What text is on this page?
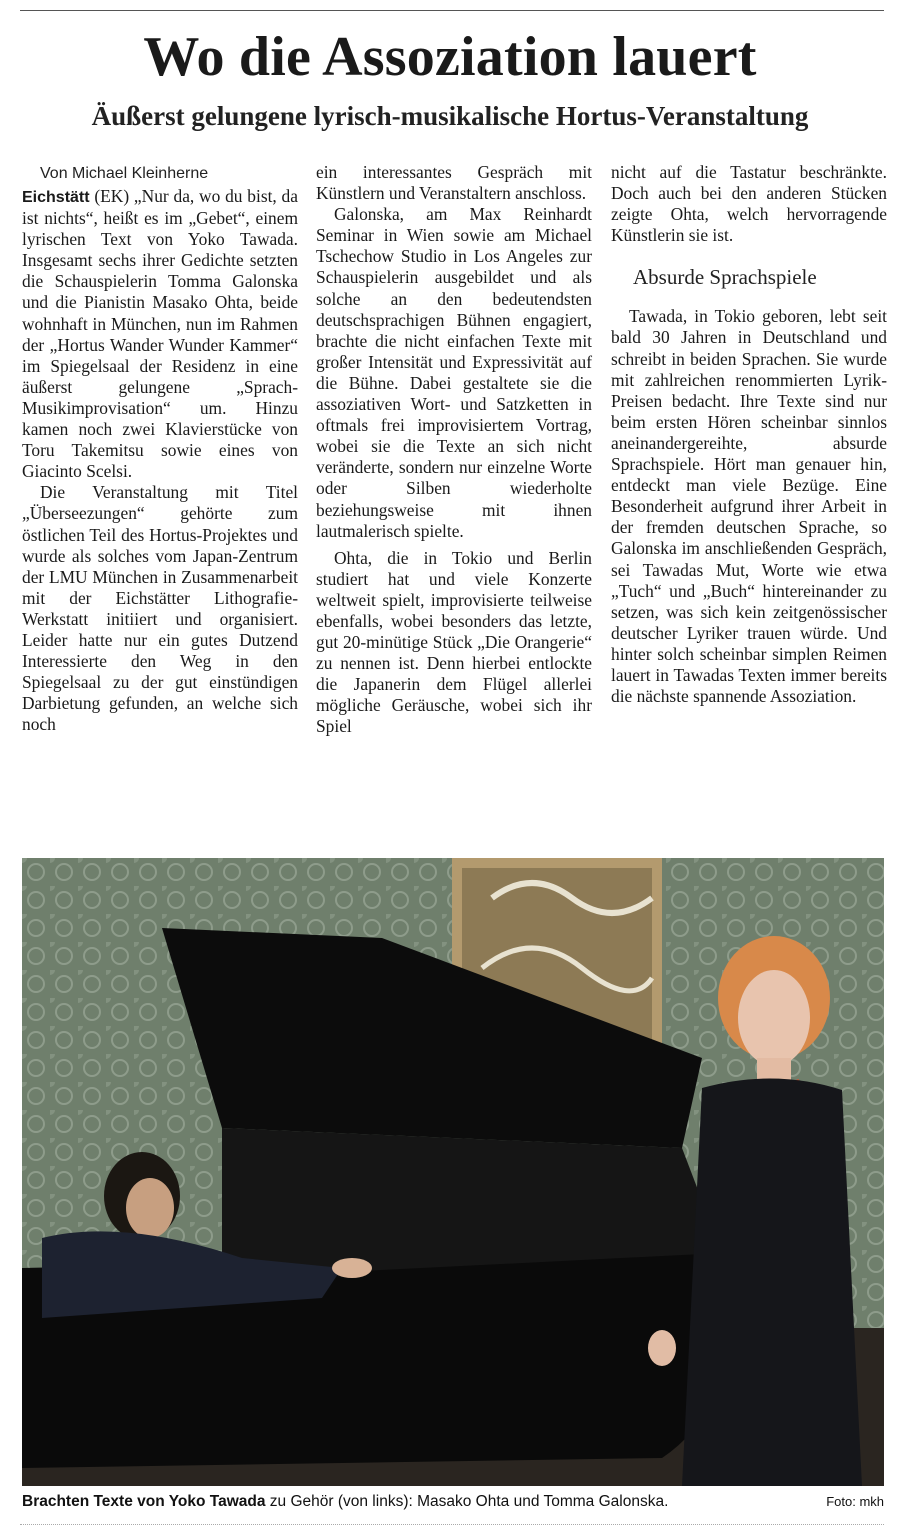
Wo die Assoziation lauert
Äußerst gelungene lyrisch-musikalische Hortus-Veranstaltung

Von Michael Kleinherne

Eichstätt (EK) „Nur da, wo du bist, da ist nichts“, heißt es im „Gebet“, einem lyrischen Text von Yoko Tawada. Insgesamt sechs ihrer Gedichte setzten die Schauspielerin Tomma Galonska und die Pianistin Masako Ohta, beide wohnhaft in München, nun im Rahmen der „Hortus Wander Wunder Kammer“ im Spiegelsaal der Residenz in eine äußerst gelungene „Sprach-Musikimprovisation“ um. Hinzu kamen noch zwei Klavierstücke von Toru Takemitsu sowie eines von Giacinto Scelsi.

Die Veranstaltung mit Titel „Überseezungen“ gehörte zum östlichen Teil des Hortus-Projektes und wurde als solches vom Japan-Zentrum der LMU München in Zusammenarbeit mit der Eichstätter Lithografie-Werkstatt initiiert und organisiert. Leider hatte nur ein gutes Dutzend Interessierte den Weg in den Spiegelsaal zu der gut einstündigen Darbietung gefunden, an welche sich noch

ein interessantes Gespräch mit Künstlern und Veranstaltern anschloss.

Galonska, am Max Reinhardt Seminar in Wien sowie am Michael Tschechow Studio in Los Angeles zur Schauspielerin ausgebildet und als solche an den bedeutendsten deutschsprachigen Bühnen engagiert, brachte die nicht einfachen Texte mit großer Intensität und Expressivität auf die Bühne. Dabei gestaltete sie die assoziativen Wort- und Satzketten in oftmals frei improvisiertem Vortrag, wobei sie die Texte an sich nicht veränderte, sondern nur einzelne Worte oder Silben wiederholte beziehungsweise mit ihnen lautmalerisch spielte.

Ohta, die in Tokio und Berlin studiert hat und viele Konzerte weltweit spielt, improvisierte teilweise ebenfalls, wobei besonders das letzte, gut 20-minütige Stück „Die Orangerie“ zu nennen ist. Denn hierbei entlockte die Japanerin dem Flügel allerlei mögliche Geräusche, wobei sich ihr Spiel

nicht auf die Tastatur beschränkte. Doch auch bei den anderen Stücken zeigte Ohta, welch hervorragende Künstlerin sie ist.

Absurde Sprachspiele

Tawada, in Tokio geboren, lebt seit bald 30 Jahren in Deutschland und schreibt in beiden Sprachen. Sie wurde mit zahlreichen renommierten Lyrik-Preisen bedacht. Ihre Texte sind nur beim ersten Hören scheinbar sinnlos aneinandergereihte, absurde Sprachspiele. Hört man genauer hin, entdeckt man viele Bezüge. Eine Besonderheit aufgrund ihrer Arbeit in der fremden deutschen Sprache, so Galonska im anschließenden Gespräch, sei Tawadas Mut, Worte wie etwa „Tuch“ und „Buch“ hintereinander zu setzen, was sich kein zeitgenössischer deutscher Lyriker trauen würde. Und hinter solch scheinbar simplen Reimen lauert in Tawadas Texten immer bereits die nächste spannende Assoziation.

Brachten Texte von Yoko Tawada zu Gehör (von links): Masako Ohta und Tomma Galonska.	Foto: mkh
